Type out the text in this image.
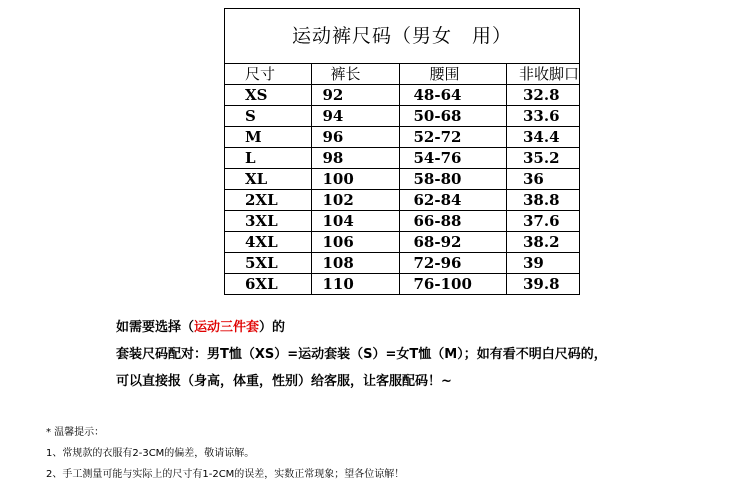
运动裤尺码（男女　用）			
尺寸	裤长	腰围	非收脚口
XS	92	48-64	32.8
S	94	50-68	33.6
M	96	52-72	34.4
L	98	54-76	35.2
XL	100	58-80	36
2XL	102	62-84	38.8
3XL	104	66-88	37.6
4XL	106	68-92	38.2
5XL	108	72-96	39
6XL	110	76-100	39.8
如需要选择（运动三件套）的
套装尺码配对：男T恤（XS）=运动套装（S）=女T恤（M）；如有看不明白尺码的，
可以直接报（身高，体重，性别）给客服，让客服配码！~
* 温馨提示：
1、常规款的衣服有2-3CM的偏差，敬请谅解。
2、手工测量可能与实际上的尺寸有1-2CM的误差，实数正常现象；望各位谅解！
